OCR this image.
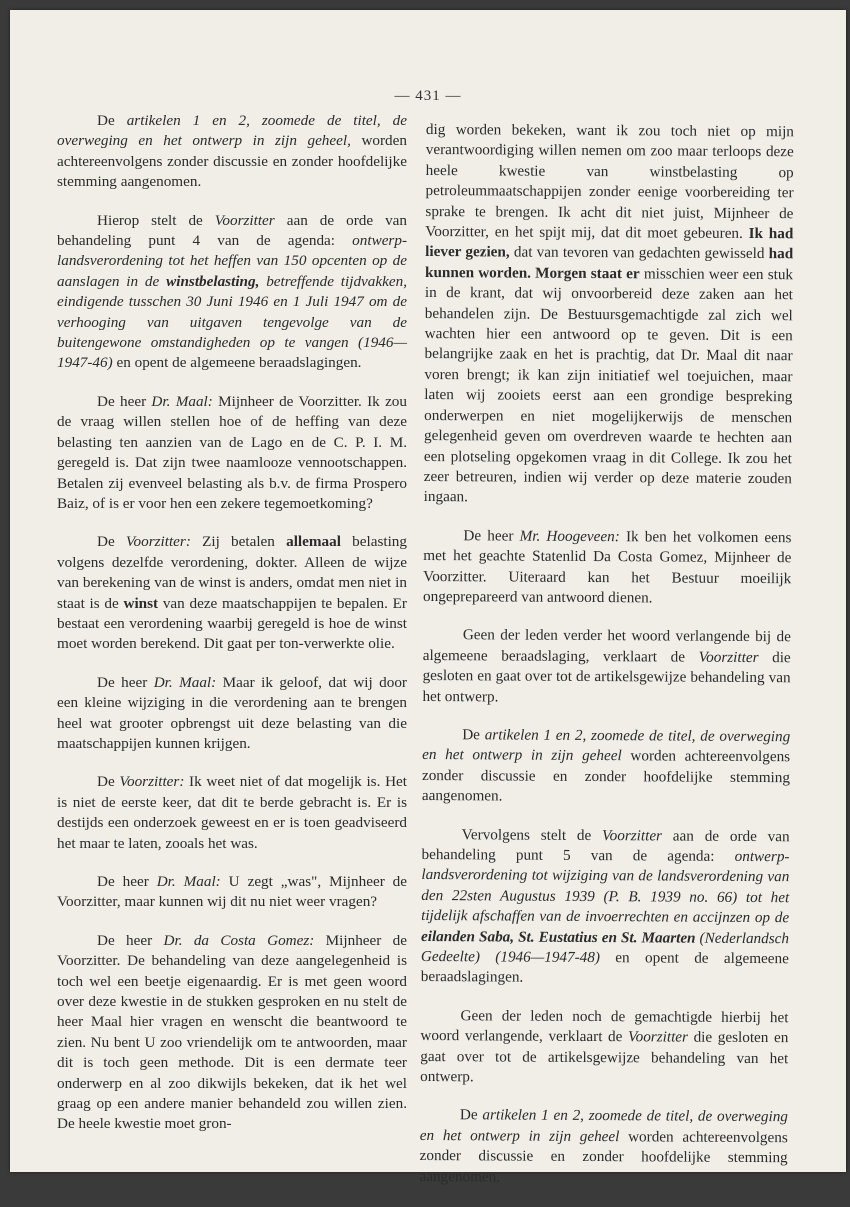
— 431 —

De artikelen 1 en 2, zoomede de titel, de overweging en het ontwerp in zijn geheel, worden achtereenvolgens zonder discussie en zonder hoofdelijke stemming aangenomen.

Hierop stelt de Voorzitter aan de orde van behandeling punt 4 van de agenda: ontwerp-landsverordening tot het heffen van 150 opcenten op de aanslagen in de winstbelasting, betreffende tijdvakken, eindigende tusschen 30 Juni 1946 en 1 Juli 1947 om de verhooging van uitgaven tengevolge van de buitengewone omstandigheden op te vangen (1946—1947-46) en opent de algemeene beraadslagingen.

De heer Dr. Maal: Mijnheer de Voorzitter. Ik zou de vraag willen stellen hoe of de heffing van deze belasting ten aanzien van de Lago en de C. P. I. M. geregeld is. Dat zijn twee naamlooze vennootschappen. Betalen zij evenveel belasting als b.v. de firma Prospero Baiz, of is er voor hen een zekere tegemoetkoming?

De Voorzitter: Zij betalen allemaal belasting volgens dezelfde verordening, dokter. Alleen de wijze van berekening van de winst is anders, omdat men niet in staat is de winst van deze maatschappijen te bepalen. Er bestaat een verordening waarbij geregeld is hoe de winst moet worden berekend. Dit gaat per ton-verwerkte olie.

De heer Dr. Maal: Maar ik geloof, dat wij door een kleine wijziging in die verordening aan te brengen heel wat grooter opbrengst uit deze belasting van die maatschappijen kunnen krijgen.

De Voorzitter: Ik weet niet of dat mogelijk is. Het is niet de eerste keer, dat dit te berde gebracht is. Er is destijds een onderzoek geweest en er is toen geadviseerd het maar te laten, zooals het was.

De heer Dr. Maal: U zegt „was", Mijnheer de Voorzitter, maar kunnen wij dit nu niet weer vragen?

De heer Dr. da Costa Gomez: Mijnheer de Voorzitter. De behandeling van deze aangelegenheid is toch wel een beetje eigenaardig. Er is met geen woord over deze kwestie in de stukken gesproken en nu stelt de heer Maal hier vragen en wenscht die beantwoord te zien. Nu bent U zoo vriendelijk om te antwoorden, maar dit is toch geen methode. Dit is een dermate teer onderwerp en al zoo dikwijls bekeken, dat ik het wel graag op een andere manier behandeld zou willen zien. De heele kwestie moet gron-

dig worden bekeken, want ik zou toch niet op mijn verantwoordiging willen nemen om zoo maar terloops deze heele kwestie van winstbelasting op petroleummaatschappijen zonder eenige voorbereiding ter sprake te brengen. Ik acht dit niet juist, Mijnheer de Voorzitter, en het spijt mij, dat dit moet gebeuren. Ik had liever gezien, dat van tevoren van gedachten gewisseld had kunnen worden. Morgen staat er misschien weer een stuk in de krant, dat wij onvoorbereid deze zaken aan het behandelen zijn. De Bestuursgemachtigde zal zich wel wachten hier een antwoord op te geven. Dit is een belangrijke zaak en het is prachtig, dat Dr. Maal dit naar voren brengt; ik kan zijn initiatief wel toejuichen, maar laten wij zooiets eerst aan een grondige bespreking onderwerpen en niet mogelijkerwijs de menschen gelegenheid geven om overdreven waarde te hechten aan een plotseling opgekomen vraag in dit College. Ik zou het zeer betreuren, indien wij verder op deze materie zouden ingaan.

De heer Mr. Hoogeveen: Ik ben het volkomen eens met het geachte Statenlid Da Costa Gomez, Mijnheer de Voorzitter. Uiteraard kan het Bestuur moeilijk ongeprepareerd van antwoord dienen.

Geen der leden verder het woord verlangende bij de algemeene beraadslaging, verklaart de Voorzitter die gesloten en gaat over tot de artikelsgewijze behandeling van het ontwerp.

De artikelen 1 en 2, zoomede de titel, de overweging en het ontwerp in zijn geheel worden achtereenvolgens zonder discussie en zonder hoofdelijke stemming aangenomen.

Vervolgens stelt de Voorzitter aan de orde van behandeling punt 5 van de agenda: ontwerp-landsverordening tot wijziging van de landsverordening van den 22sten Augustus 1939 (P. B. 1939 no. 66) tot het tijdelijk afschaffen van de invoerrechten en accijnzen op de eilanden Saba, St. Eustatius en St. Maarten (Nederlandsch Gedeelte) (1946—1947-48) en opent de algemeene beraadslagingen.

Geen der leden noch de gemachtigde hierbij het woord verlangende, verklaart de Voorzitter die gesloten en gaat over tot de artikelsgewijze behandeling van het ontwerp.

De artikelen 1 en 2, zoomede de titel, de overweging en het ontwerp in zijn geheel worden achtereenvolgens zonder discussie en zonder hoofdelijke stemming aangenomen.
